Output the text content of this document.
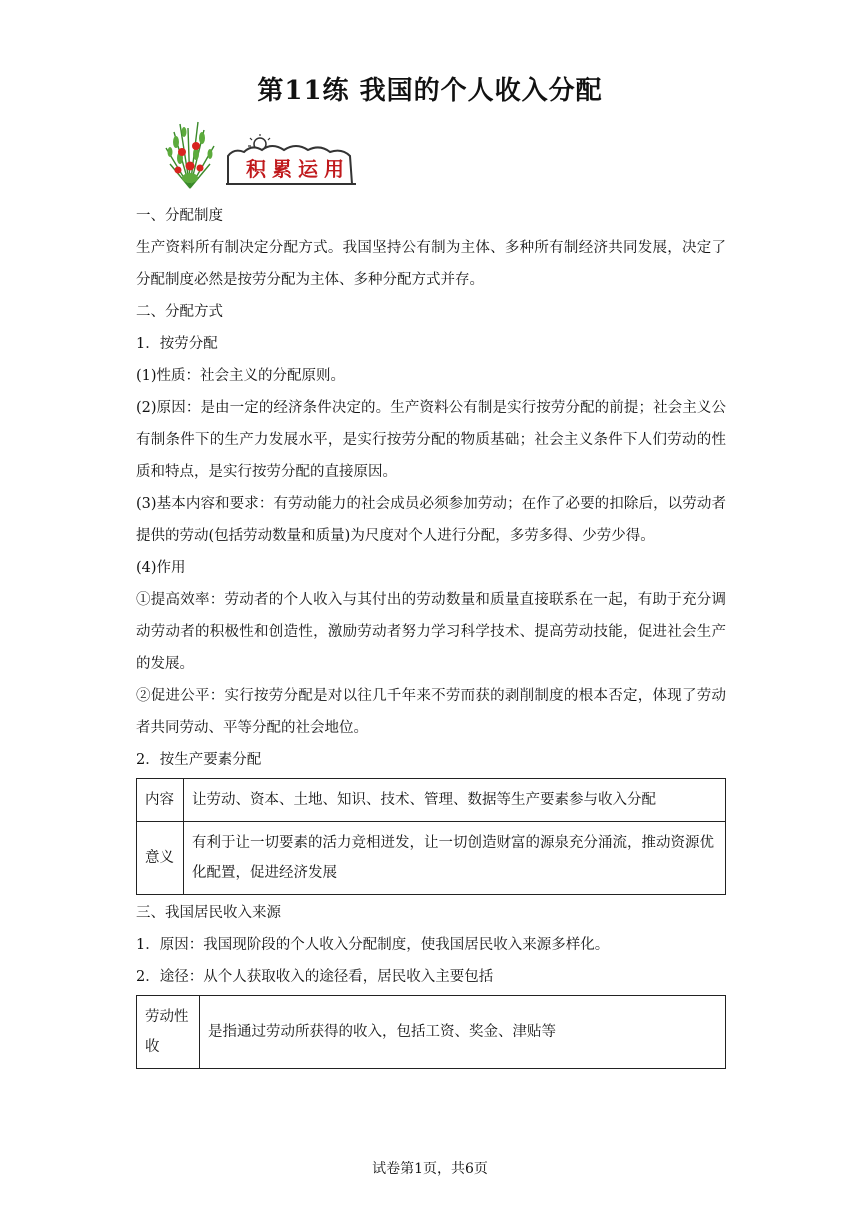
第11练 我国的个人收入分配
积累运用

一、分配制度

生产资料所有制决定分配方式。我国坚持公有制为主体、多种所有制经济共同发展，决定了分配制度必然是按劳分配为主体、多种分配方式并存。

二、分配方式

1．按劳分配

(1)性质：社会主义的分配原则。

(2)原因：是由一定的经济条件决定的。生产资料公有制是实行按劳分配的前提；社会主义公有制条件下的生产力发展水平，是实行按劳分配的物质基础；社会主义条件下人们劳动的性质和特点，是实行按劳分配的直接原因。

(3)基本内容和要求：有劳动能力的社会成员必须参加劳动；在作了必要的扣除后，以劳动者提供的劳动(包括劳动数量和质量)为尺度对个人进行分配，多劳多得、少劳少得。

(4)作用

①提高效率：劳动者的个人收入与其付出的劳动数量和质量直接联系在一起，有助于充分调动劳动者的积极性和创造性，激励劳动者努力学习科学技术、提高劳动技能，促进社会生产的发展。

②促进公平：实行按劳分配是对以往几千年来不劳而获的剥削制度的根本否定，体现了劳动者共同劳动、平等分配的社会地位。

2．按生产要素分配

内容	让劳动、资本、土地、知识、技术、管理、数据等生产要素参与收入分配
意义	有利于让一切要素的活力竞相迸发，让一切创造财富的源泉充分涌流，推动资源优化配置，促进经济发展

三、我国居民收入来源

1．原因：我国现阶段的个人收入分配制度，使我国居民收入来源多样化。

2．途径：从个人获取收入的途径看，居民收入主要包括

劳动性收	是指通过劳动所获得的收入，包括工资、奖金、津贴等
试卷第1页，共6页
